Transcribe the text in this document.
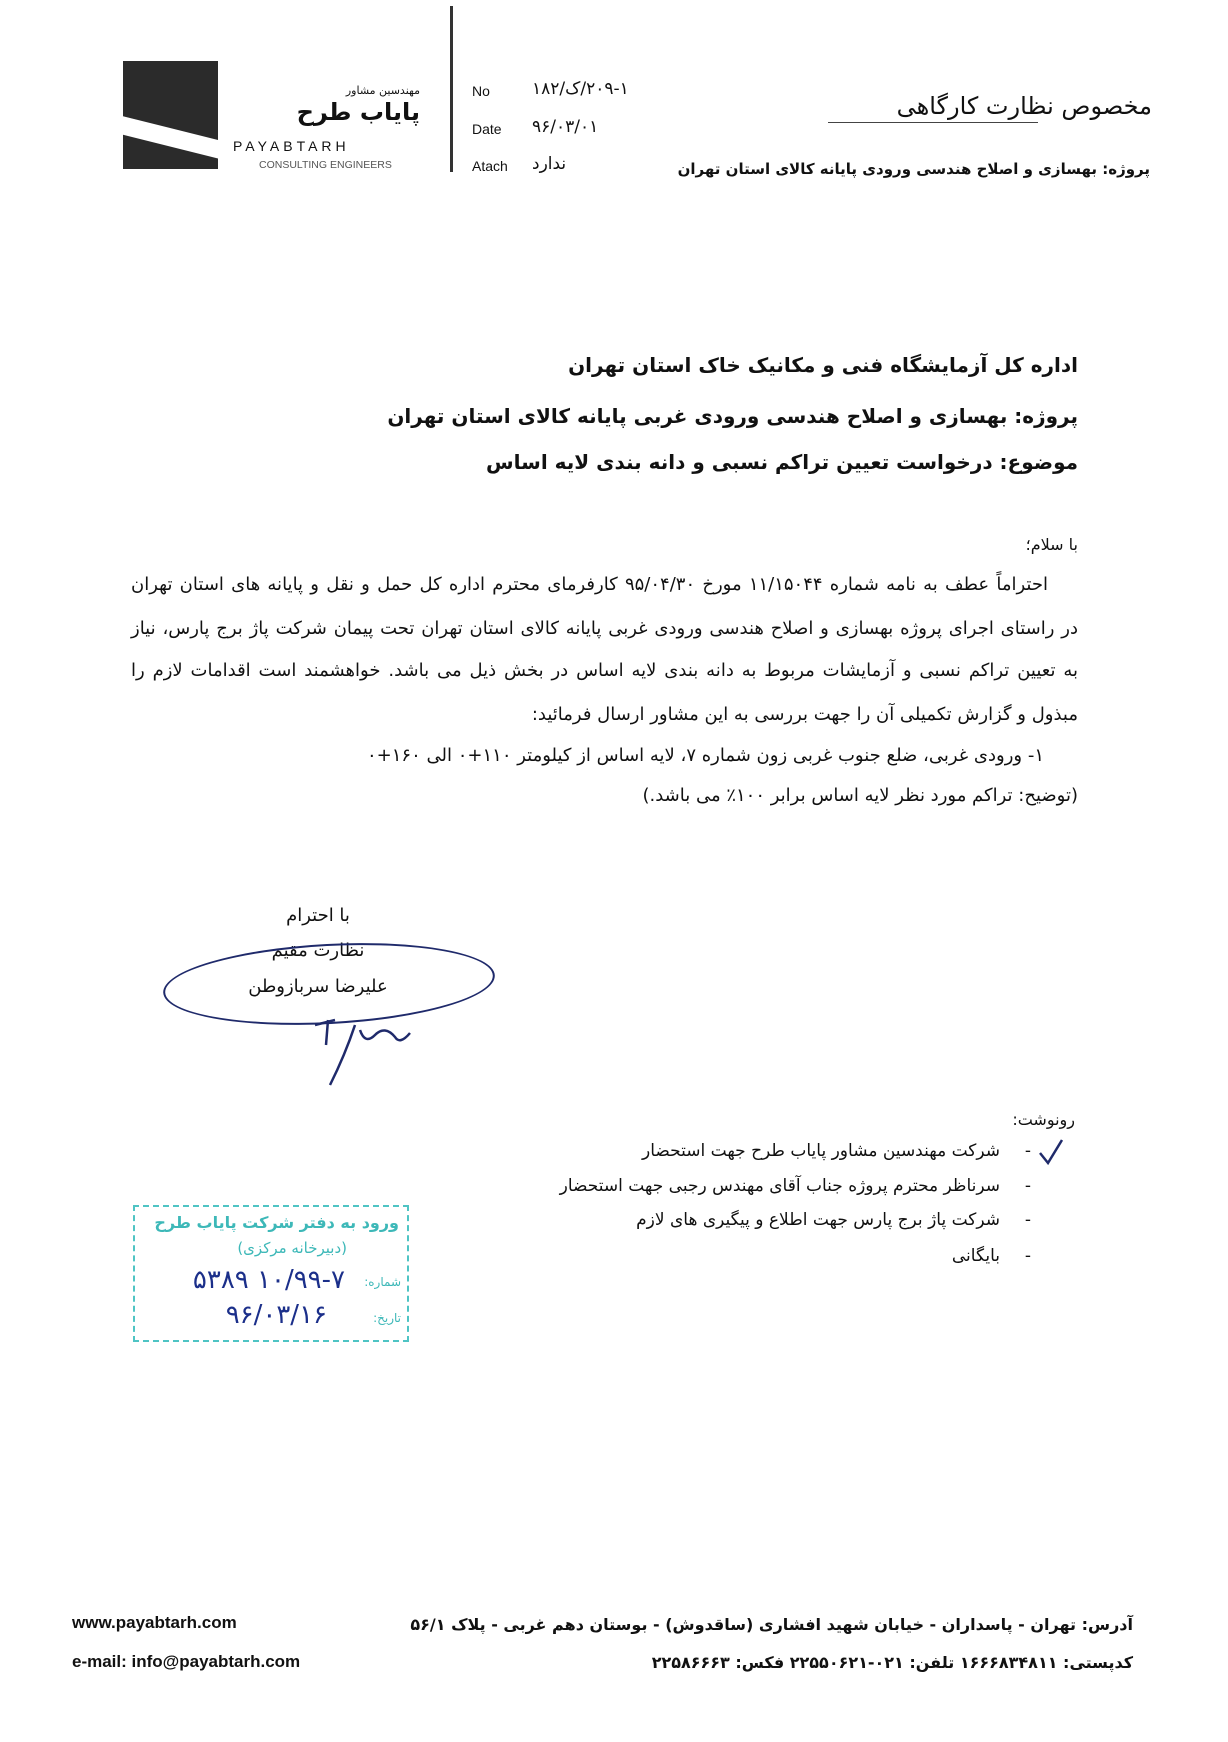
مهندسین مشاور
پایاب طرح
PAYABTARH
CONSULTING ENGINEERS
No ۲۰۹-۱/ک/۱۸۲
Date ۹۶/۰۳/۰۱
Atach ندارد
مخصوص نظارت کارگاهی
پروژه: بهسازی و اصلاح هندسی ورودی پایانه کالای استان تهران
اداره کل آزمایشگاه فنی و مکانیک خاک استان تهران
پروژه: بهسازی و اصلاح هندسی ورودی غربی پایانه کالای استان تهران
موضوع: درخواست تعیین تراکم نسبی و دانه بندی لایه اساس
با سلام؛
احتراماً عطف به نامه شماره ۱۱/۱۵۰۴۴ مورخ ۹۵/۰۴/۳۰ کارفرمای محترم اداره کل حمل و نقل و پایانه های استان تهران
در راستای اجرای پروژه بهسازی و اصلاح هندسی ورودی غربی پایانه کالای استان تهران تحت پیمان شرکت پاژ برج پارس، نیاز
به تعیین تراکم نسبی و آزمایشات مربوط به دانه بندی لایه اساس در بخش ذیل می باشد. خواهشمند است اقدامات لازم را
مبذول و گزارش تکمیلی آن را جهت بررسی به این مشاور ارسال فرمائید:
۱- ورودی غربی، ضلع جنوب غربی زون شماره ۷، لایه اساس از کیلومتر ۱۱۰+۰ الی ۱۶۰+۰
(توضیح: تراکم مورد نظر لایه اساس برابر ۱۰۰٪ می باشد.)
با احترام
نظارت مقیم
علیرضا سربازوطن
رونوشت:
-
شرکت مهندسین مشاور پایاب طرح جهت استحضار
-
سرناظر محترم پروژه جناب آقای مهندس رجبی جهت استحضار
-
شرکت پاژ برج پارس جهت اطلاع و پیگیری های لازم
-
بایگانی
ورود به دفتر شرکت پایاب طرح
(دبیرخانه مرکزی)
شماره:
۱۰/۹۹-۷ ۵۳۸۹
تاریخ:
۹۶/۰۳/۱۶
www.payabtarh.com
e-mail: info@payabtarh.com
آدرس: تهران - پاسداران - خیابان شهید افشاری (ساقدوش) - بوستان دهم غربی - پلاک ۵۶/۱
کدپستی: ۱۶۶۶۸۳۴۸۱۱ تلفن: ۰۲۱-۲۲۵۵۰۶۲۱ فکس: ۲۲۵۸۶۶۶۳
